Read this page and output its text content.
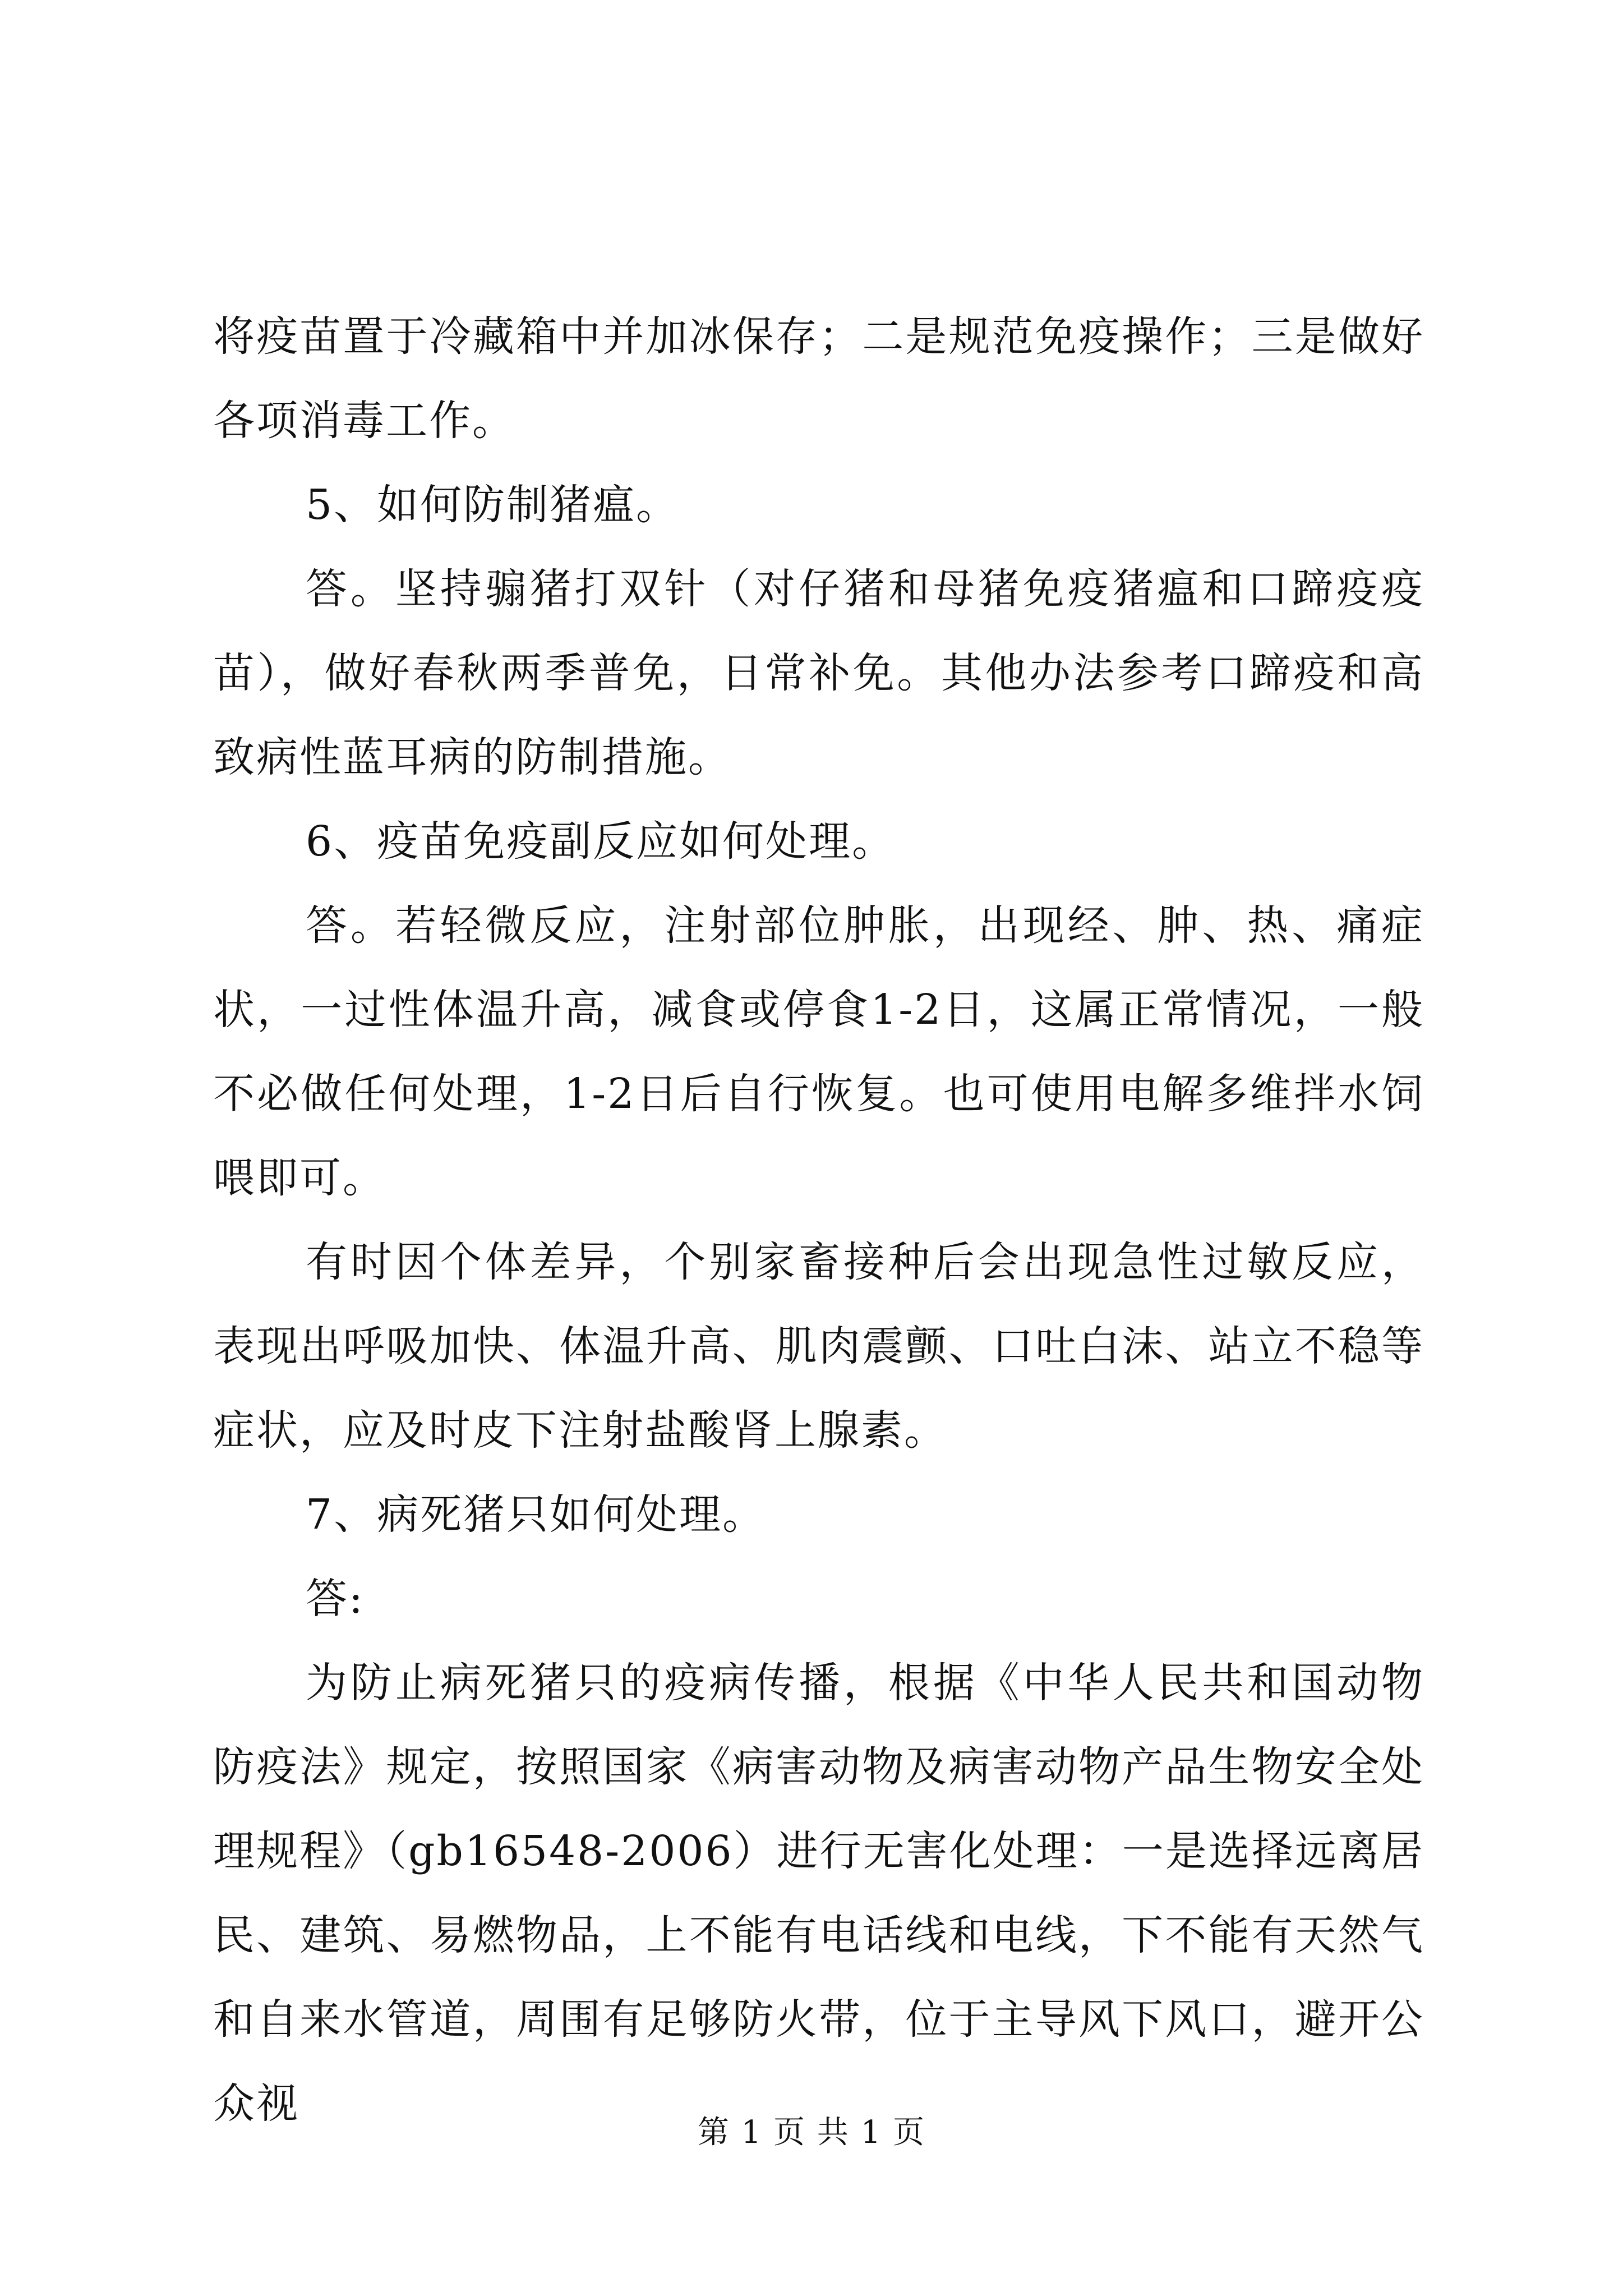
将疫苗置于冷藏箱中并加冰保存；二是规范免疫操作；三是做好各项消毒工作。

5、如何防制猪瘟。

答。坚持骟猪打双针（对仔猪和母猪免疫猪瘟和口蹄疫疫苗），做好春秋两季普免，日常补免。其他办法参考口蹄疫和高致病性蓝耳病的防制措施。

6、疫苗免疫副反应如何处理。

答。若轻微反应，注射部位肿胀，出现经、肿、热、痛症状，一过性体温升高，减食或停食1-2日，这属正常情况，一般不必做任何处理，1-2日后自行恢复。也可使用电解多维拌水饲喂即可。

有时因个体差异，个别家畜接种后会出现急性过敏反应，表现出呼吸加快、体温升高、肌肉震颤、口吐白沫、站立不稳等症状，应及时皮下注射盐酸肾上腺素。

7、病死猪只如何处理。

答:

为防止病死猪只的疫病传播，根据《中华人民共和国动物防疫法》规定，按照国家《病害动物及病害动物产品生物安全处理规程》（gb16548-2006）进行无害化处理：一是选择远离居民、建筑、易燃物品，上不能有电话线和电线，下不能有天然气和自来水管道，周围有足够防火带，位于主导风下风口，避开公众视

第 1 页 共 1 页
